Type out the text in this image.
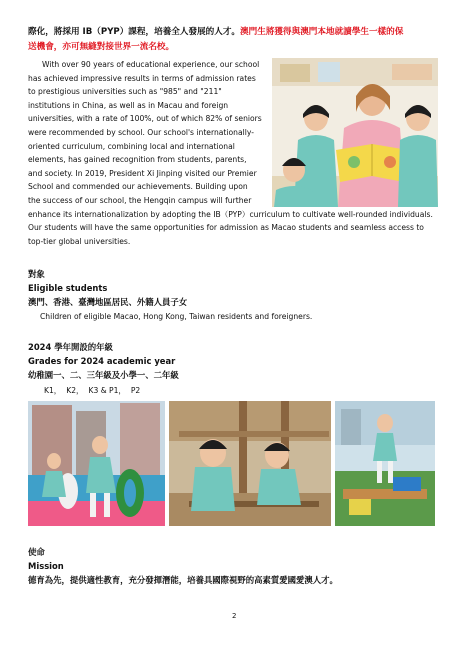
際化，將採用 IB（PYP）課程，培養全人發展的人才。澳門生將獲得與澳門本地就讀學生一樣的保
送機會，亦可無縫對接世界一流名校。
With over 90 years of educational experience, our school
has achieved impressive results in terms of admission rates
to prestigious universities such as "985" and "211"
institutions in China, as well as in Macau and foreign
universities, with a rate of 100%, out of which 82% of seniors
were recommended by school. Our school's internationally-
oriented curriculum, combining local and international
elements, has gained recognition from students, parents,
and society. In 2019, President Xi Jinping visited our Premier
School and commended our achievements. Building upon
the success of our school, the Hengqin campus will further
enhance its internationalization by adopting the IB（PYP）curriculum to cultivate well-rounded individuals.
Our students will have the same opportunities for admission as Macao students and seamless access to
top-tier global universities.
對象
Eligible students
澳門、香港、臺灣地區居民、外籍人員子女
Children of eligible Macao, Hong Kong, Taiwan residents and foreigners.
2024 學年開設的年級
Grades for 2024 academic year
幼稚園一、二、三年級及小學一、二年級
K1，  K2，  K3 & P1，  P2
使命
Mission
德育為先，提供適性教育，充分發揮潛能，培養具國際視野的高素質愛國愛澳人才。
2
